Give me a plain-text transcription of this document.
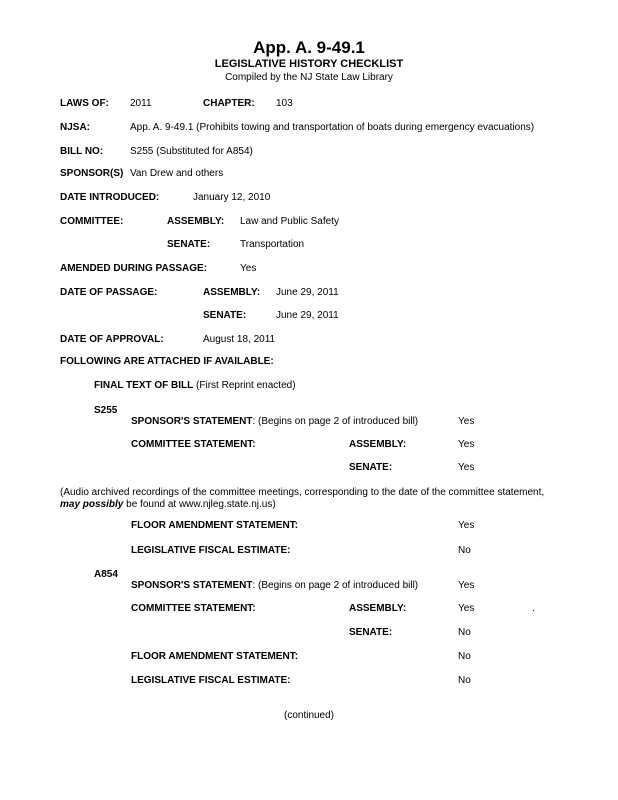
App. A. 9-49.1
LEGISLATIVE HISTORY CHECKLIST
Compiled by the NJ State Law Library
LAWS OF: 2011	CHAPTER: 103
NJSA:	App. A. 9-49.1 (Prohibits towing and transportation of boats during emergency evacuations)
BILL NO:	S255 (Substituted for A854)
SPONSOR(S) Van Drew and others
DATE INTRODUCED:	January 12, 2010
COMMITTEE:	ASSEMBLY: Law and Public Safety
SENATE:	Transportation
AMENDED DURING PASSAGE:	Yes
DATE OF PASSAGE:	ASSEMBLY: June 29, 2011
SENATE:	June 29, 2011
DATE OF APPROVAL:	August 18, 2011
FOLLOWING ARE ATTACHED IF AVAILABLE:
FINAL TEXT OF BILL (First Reprint enacted)
S255
SPONSOR'S STATEMENT: (Begins on page 2 of introduced bill)	Yes
COMMITTEE STATEMENT:	ASSEMBLY:	Yes
SENATE:	Yes
(Audio archived recordings of the committee meetings, corresponding to the date of the committee statement, may possibly be found at www.njleg.state.nj.us)
FLOOR AMENDMENT STATEMENT:	Yes
LEGISLATIVE FISCAL ESTIMATE:	No
A854
SPONSOR'S STATEMENT: (Begins on page 2 of introduced bill)	Yes
COMMITTEE STATEMENT:	ASSEMBLY:	Yes	.
SENATE:	No
FLOOR AMENDMENT STATEMENT:	No
LEGISLATIVE FISCAL ESTIMATE:	No
(continued)
